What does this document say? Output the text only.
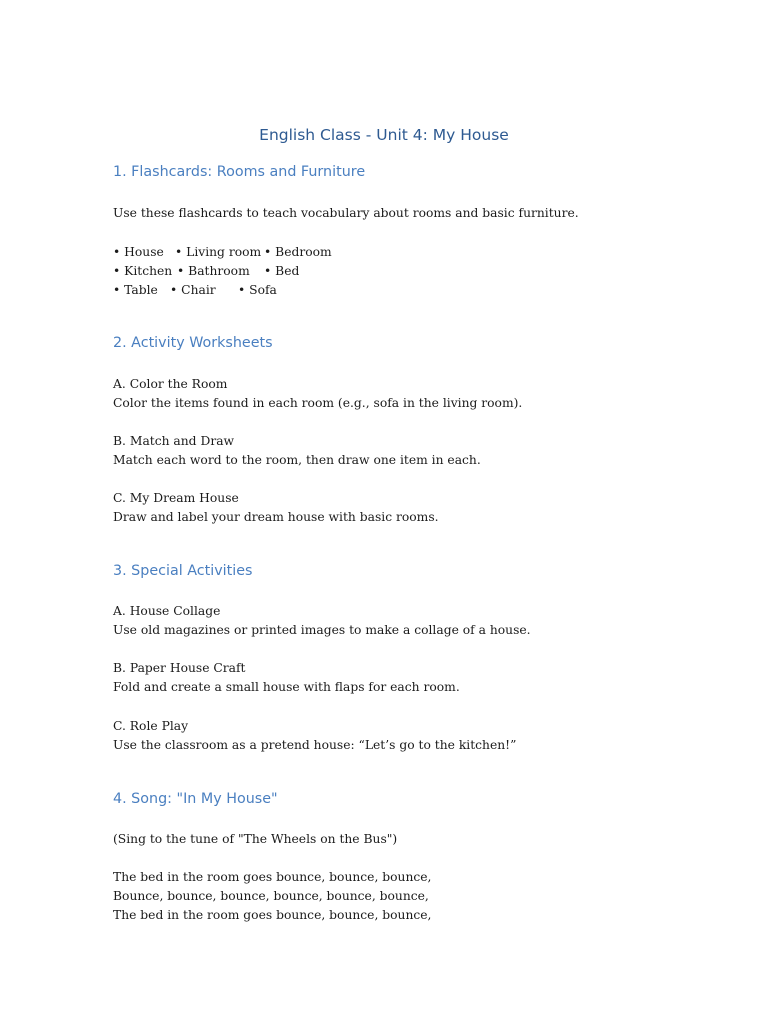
English Class - Unit 4: My House
1. Flashcards: Rooms and Furniture

Use these flashcards to teach vocabulary about rooms and basic furniture.

• House • Living room • Bedroom
• Kitchen • Bathroom • Bed
• Table • Chair • Sofa
2. Activity Worksheets

A. Color the Room

Color the items found in each room (e.g., sofa in the living room).

B. Match and Draw

Match each word to the room, then draw one item in each.

C. My Dream House

Draw and label your dream house with basic rooms.

3. Special Activities

A. House Collage

Use old magazines or printed images to make a collage of a house.

B. Paper House Craft

Fold and create a small house with flaps for each room.

C. Role Play

Use the classroom as a pretend house: “Let’s go to the kitchen!”

4. Song: "In My House"

(Sing to the tune of "The Wheels on the Bus")

The bed in the room goes bounce, bounce, bounce,

Bounce, bounce, bounce, bounce, bounce, bounce,

The bed in the room goes bounce, bounce, bounce,
